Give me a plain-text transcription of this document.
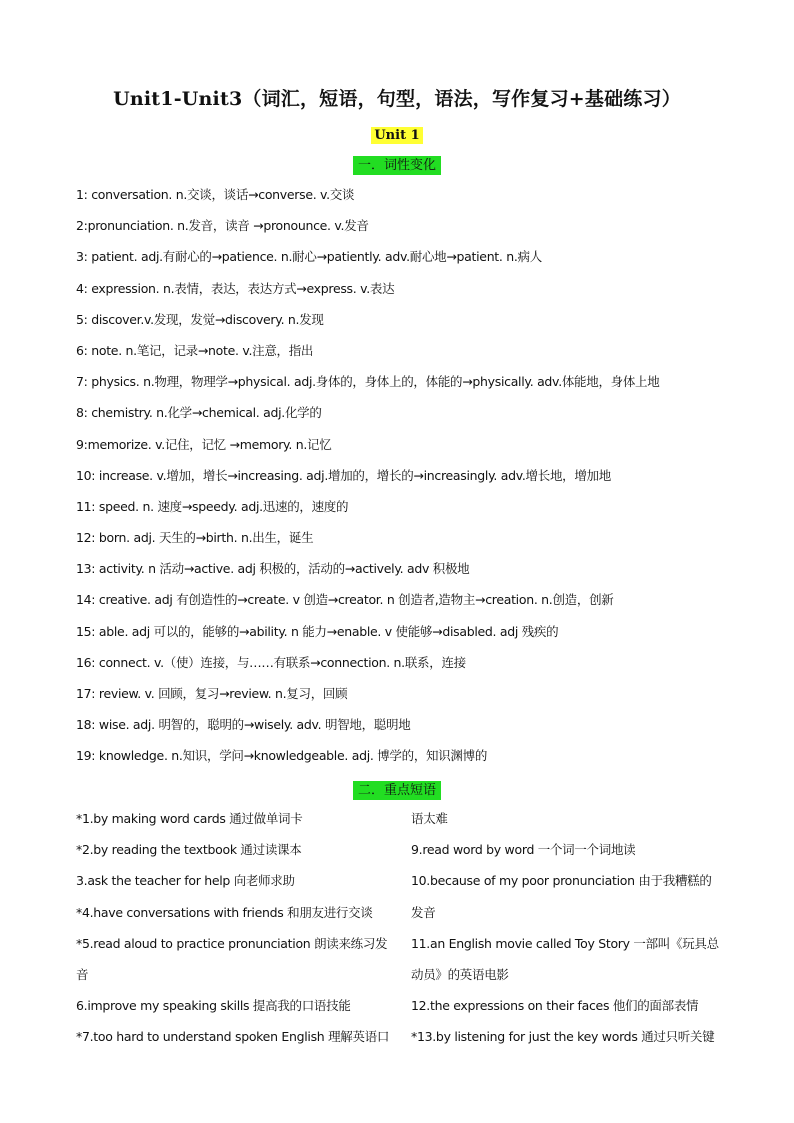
Unit1-Unit3（词汇，短语，句型，语法，写作复习+基础练习）
Unit 1
一．词性变化
1: conversation. n.交谈，谈话→converse. v.交谈
2:pronunciation. n.发音，读音 →pronounce. v.发音
3: patient. adj.有耐心的→patience. n.耐心→patiently. adv.耐心地→patient. n.病人
4: expression. n.表情，表达，表达方式→express. v.表达
5: discover.v.发现，发觉→discovery. n.发现
6: note. n.笔记，记录→note. v.注意，指出
7: physics. n.物理，物理学→physical. adj.身体的，身体上的，体能的→physically. adv.体能地，身体上地
8: chemistry. n.化学→chemical. adj.化学的
9:memorize. v.记住，记忆 →memory. n.记忆
10: increase. v.增加，增长→increasing. adj.增加的，增长的→increasingly. adv.增长地，增加地
11: speed. n. 速度→speedy. adj.迅速的，速度的
12: born. adj. 天生的→birth. n.出生，诞生
13: activity. n 活动→active. adj 积极的，活动的→actively. adv 积极地
14: creative. adj 有创造性的→create. v 创造→creator. n 创造者,造物主→creation. n.创造，创新
15: able. adj 可以的，能够的→ability. n 能力→enable. v 使能够→disabled. adj 残疾的
16: connect. v.（使）连接，与……有联系→connection. n.联系，连接
17: review. v. 回顾，复习→review. n.复习，回顾
18: wise. adj. 明智的，聪明的→wisely. adv. 明智地，聪明地
19: knowledge. n.知识，学问→knowledgeable. adj. 博学的，知识渊博的
二．重点短语
*1.by making word cards 通过做单词卡
*2.by reading the textbook 通过读课本
3.ask the teacher for help 向老师求助
*4.have conversations with friends 和朋友进行交谈
*5.read aloud to practice pronunciation 朗读来练习发
音
6.improve my speaking skills 提高我的口语技能
*7.too hard to understand spoken English 理解英语口
语太难
9.read word by word 一个词一个词地读
10.because of my poor pronunciation 由于我糟糕的
发音
11.an English movie called Toy Story 一部叫《玩具总
动员》的英语电影
12.the expressions on their faces 他们的面部表情
*13.by listening for just the key words 通过只听关键
